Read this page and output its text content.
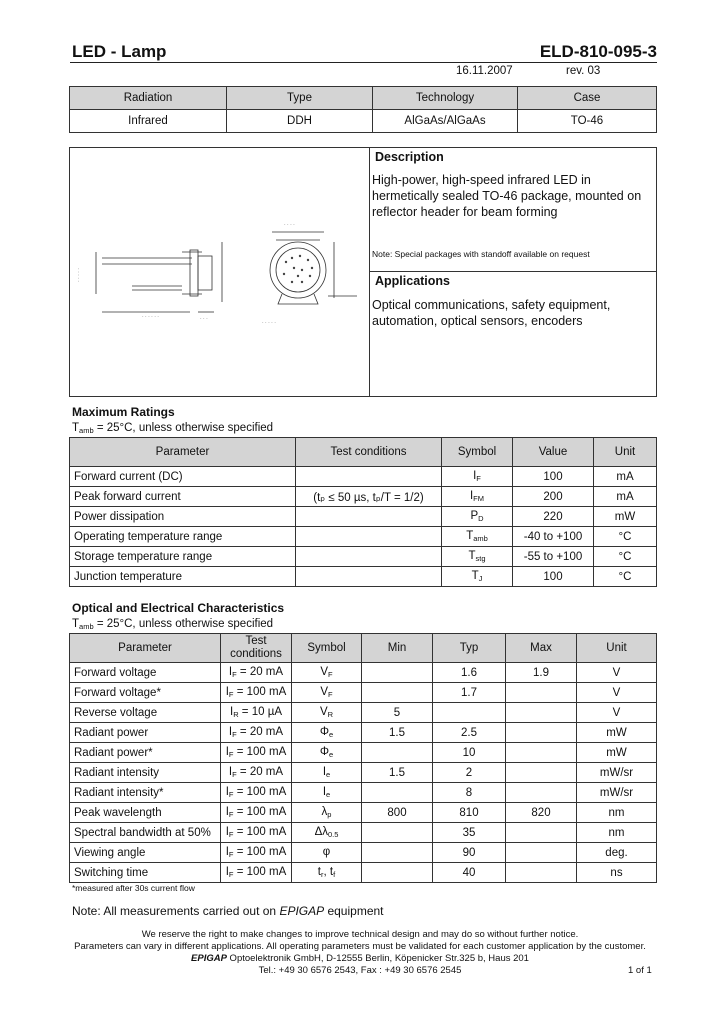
LED - Lamp	ELD-810-095-3
16.11.2007	rev. 03
Radiation	Type	Technology	Case
Infrared	DDH	AlGaAs/AlGaAs	TO-46
· · · · ·
· · · · · ·	· · ·
· · · ·
· · · · ·
Description
High-power, high-speed infrared LED in hermetically sealed TO-46 package, mounted on reflector header for beam forming
Note: Special packages with standoff available on request
Applications
Optical communications, safety equipment, automation, optical sensors, encoders
Maximum Ratings
$T_{amb} = 25^\circ C$, unless otherwise specified
Parameter	Test conditions	Symbol	Value	Unit
Forward current (DC)		$I_F$	100	mA
Peak forward current	(tₚ ≤ 50 µs, tₚ/T = 1/2)	$I_{FM}$	200	mA
Power dissipation		$P_D$	220	mW
Operating temperature range		$T_{amb}$	-40 to +100	°C
Storage temperature range		$T_{stg}$	-55 to +100	°C
Junction temperature		$T_J$	100	°C
Optical and Electrical Characteristics
$T_{amb} = 25^\circ C$, unless otherwise specified
Parameter	Test conditions	Symbol	Min	Typ	Max	Unit
Forward voltage	$I_F = 20$ mA	$V_F$		1.6	1.9	V
Forward voltage*	$I_F = 100$ mA	$V_F$		1.7		V
Reverse voltage	$I_R = 10$ µA	$V_R$	5			V
Radiant power	$I_F = 20$ mA	$\Phi_e$	1.5	2.5		mW
Radiant power*	$I_F = 100$ mA	$\Phi_e$		10		mW
Radiant intensity	$I_F = 20$ mA	$I_e$	1.5	2		mW/sr
Radiant intensity*	$I_F = 100$ mA	$I_e$		8		mW/sr
Peak wavelength	$I_F = 100$ mA	$\lambda_p$	800	810	820	nm
Spectral bandwidth at 50%	$I_F = 100$ mA	$\Delta\lambda_{0.5}$		35		nm
Viewing angle	$I_F = 100$ mA	φ		90		deg.
Switching time	$I_F = 100$ mA	$t_r$, $t_f$		40		ns
*measured after 30s current flow
Note: All measurements carried out on EPIGAP equipment
We reserve the right to make changes to improve technical design and may do so without further notice.
Parameters can vary in different applications. All operating parameters must be validated for each customer application by the customer.
EPIGAP Optoelektronik GmbH, D-12555 Berlin, Köpenicker Str.325 b, Haus 201
Tel.: +49 30 6576 2543, Fax : +49 30 6576 2545	1 of 1
